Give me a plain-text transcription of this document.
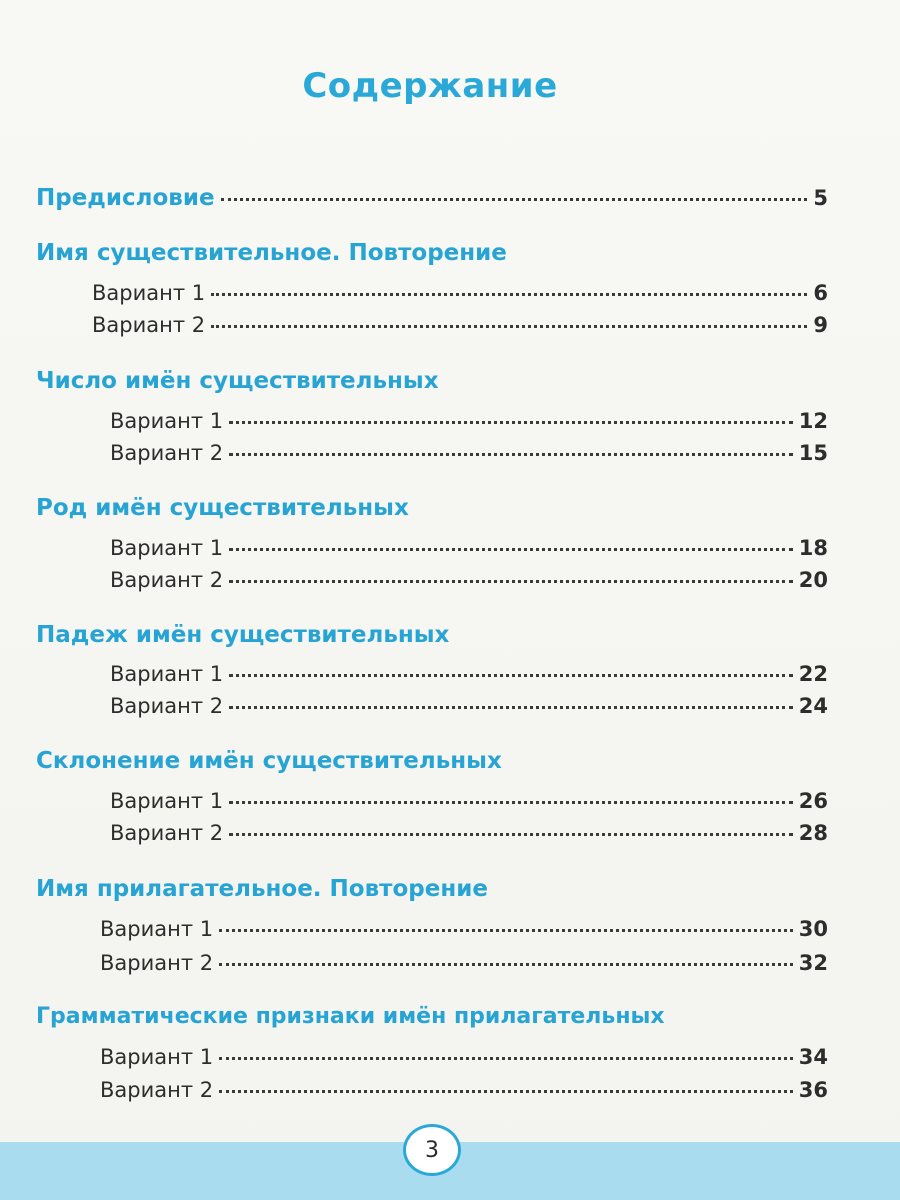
Содержание
Предисловие	5
Имя существительное. Повторение
Вариант 1	6
Вариант 2	9
Число имён существительных
Вариант 1	12
Вариант 2	15
Род имён существительных
Вариант 1	18
Вариант 2	20
Падеж имён существительных
Вариант 1	22
Вариант 2	24
Склонение имён существительных
Вариант 1	26
Вариант 2	28
Имя прилагательное. Повторение
Вариант 1	30
Вариант 2	32
Грамматические признаки имён прилагательных
Вариант 1	34
Вариант 2	36
3
